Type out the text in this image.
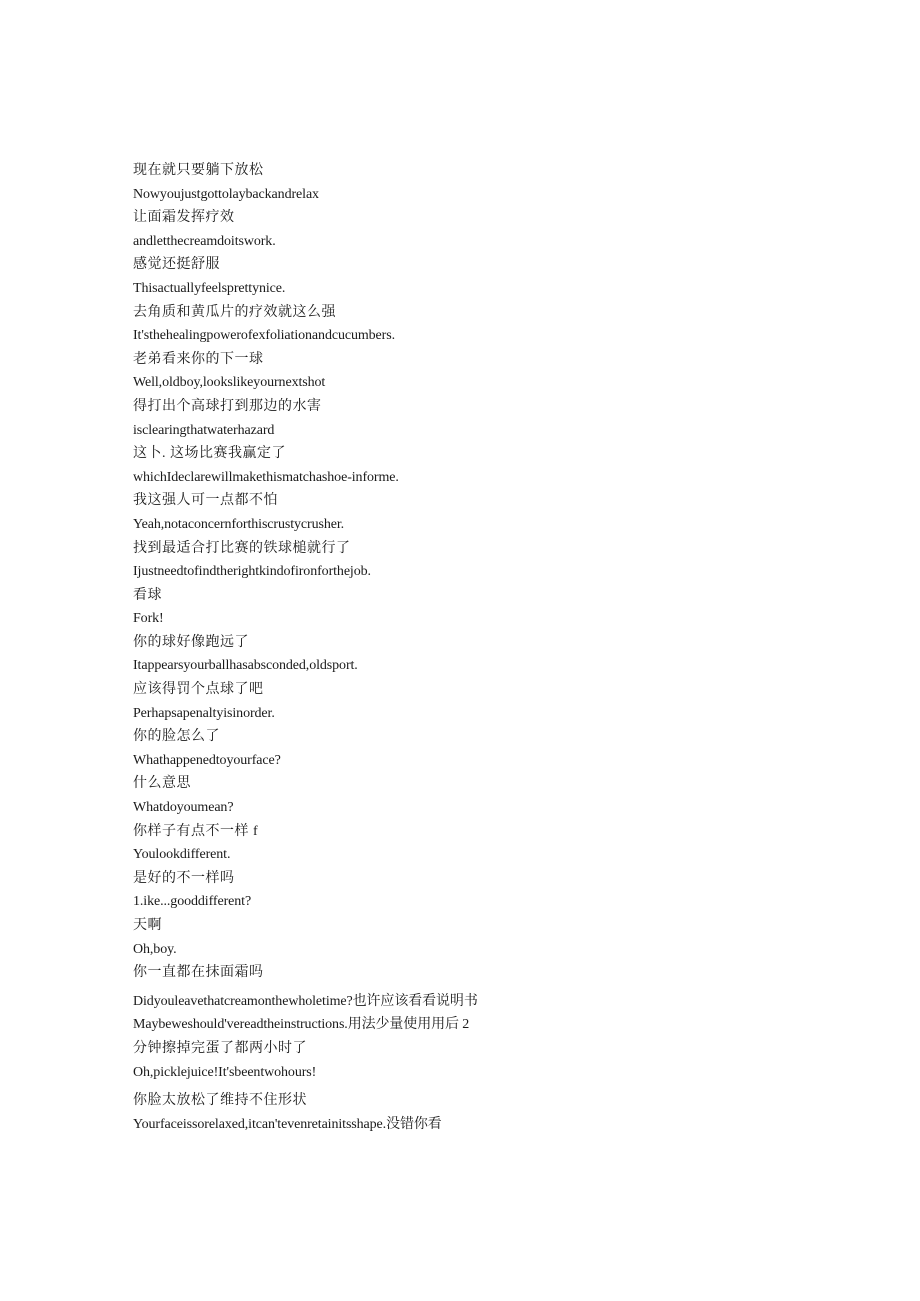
现在就只要躺下放松
Nowyoujustgottolaybackandrelax
让面霜发挥疗效
andletthecreamdoitswork.
感觉还挺舒服
Thisactuallyfeelsprettynice.
去角质和黄瓜片的疗效就这么强
It'sthehealingpowerofexfoliationandcucumbers.
老弟看来你的下一球
Well,oldboy,lookslikeyournextshot
得打出个高球打到那边的水害
isclearingthatwaterhazard
这卜. 这场比赛我赢定了
whichIdeclarewillmakethismatchashoe-informe.
我这强人可一点都不怕
Yeah,notaconcernforthiscrustycrusher.
找到最适合打比赛的铁球槌就行了
Ijustneedtofindtherightkindofironforthejob.
看球
Fork!
你的球好像跑远了
Itappearsyourballhasabsconded,oldsport.
应该得罚个点球了吧
Perhapsapenaltyisinorder.
你的脸怎么了
Whathappenedtoyourface?
什么意思
Whatdoyoumean?
你样子有点不一样 f
Youlookdifferent.
是好的不一样吗
1.ike...gooddifferent?
天啊
Oh,boy.
你一直都在抹面霜吗
Didyouleavethatcreamonthewholetime?也许应该看看说明书
Maybeweshould'vereadtheinstructions.用法少量使用用后 2
分钟擦掉完蛋了都两小时了
Oh,picklejuice!It'sbeentwohours!
你脸太放松了维持不住形状
Yourfaceissorelaxed,itcan'tevenretainitsshape.没错你看
